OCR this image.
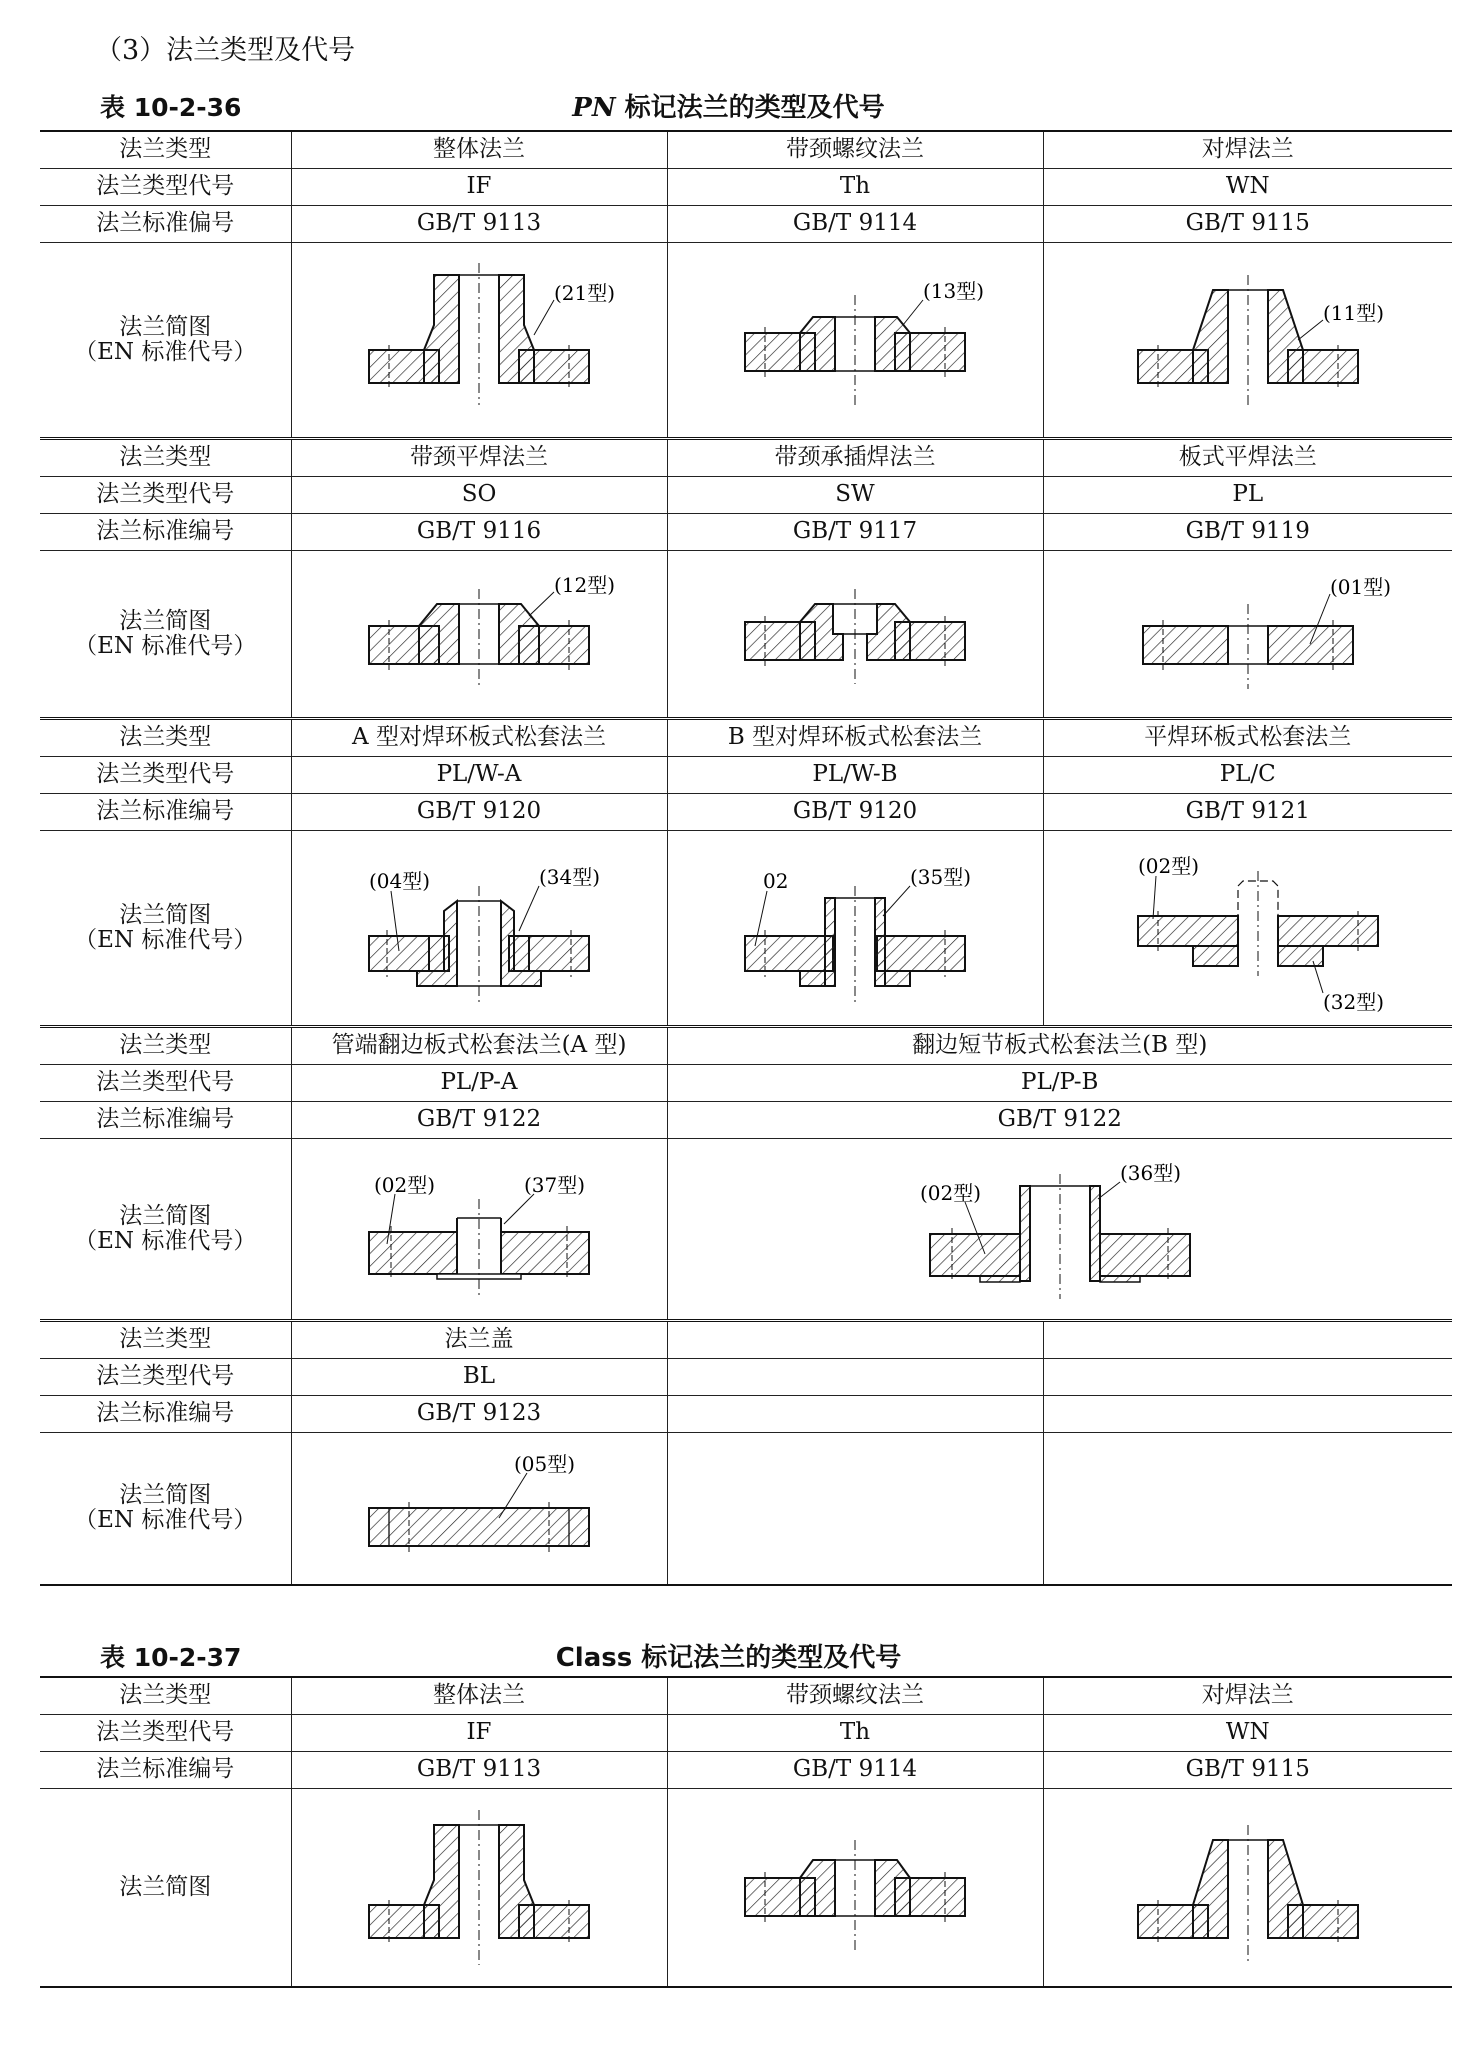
（3）法兰类型及代号
表 10-2-36	PN 标记法兰的类型及代号
法兰类型	整体法兰	带颈螺纹法兰	对焊法兰
法兰类型代号	IF	Th	WN
法兰标准偏号	GB/T 9113	GB/T 9114	GB/T 9115
法兰简图
（EN 标准代号）	(21型)	(13型)	(11型)

法兰类型	带颈平焊法兰	带颈承插焊法兰	板式平焊法兰
法兰类型代号	SO	SW	PL
法兰标准编号	GB/T 9116	GB/T 9117	GB/T 9119
法兰简图
（EN 标准代号）	(12型)		(01型)

法兰类型	A 型对焊环板式松套法兰	B 型对焊环板式松套法兰	平焊环板式松套法兰
法兰类型代号	PL/W-A	PL/W-B	PL/C
法兰标准编号	GB/T 9120	GB/T 9120	GB/T 9121
法兰简图
（EN 标准代号）	(04型) (34型)	02 (35型)	(02型)
(32型)

法兰类型	管端翻边板式松套法兰(A 型)	翻边短节板式松套法兰(B 型)	
法兰类型代号	PL/P-A	PL/P-B	
法兰标准编号	GB/T 9122	GB/T 9122	
法兰简图
（EN 标准代号）	(02型) (37型)	(02型)
(36型)	

法兰类型	法兰盖		
法兰类型代号	BL		
法兰标准编号	GB/T 9123		
法兰简图
（EN 标准代号）	(05型)		

表 10-2-37	Class 标记法兰的类型及代号
法兰类型	整体法兰	带颈螺纹法兰	对焊法兰
法兰类型代号	IF	Th	WN
法兰标准编号	GB/T 9113	GB/T 9114	GB/T 9115
法兰简图	
